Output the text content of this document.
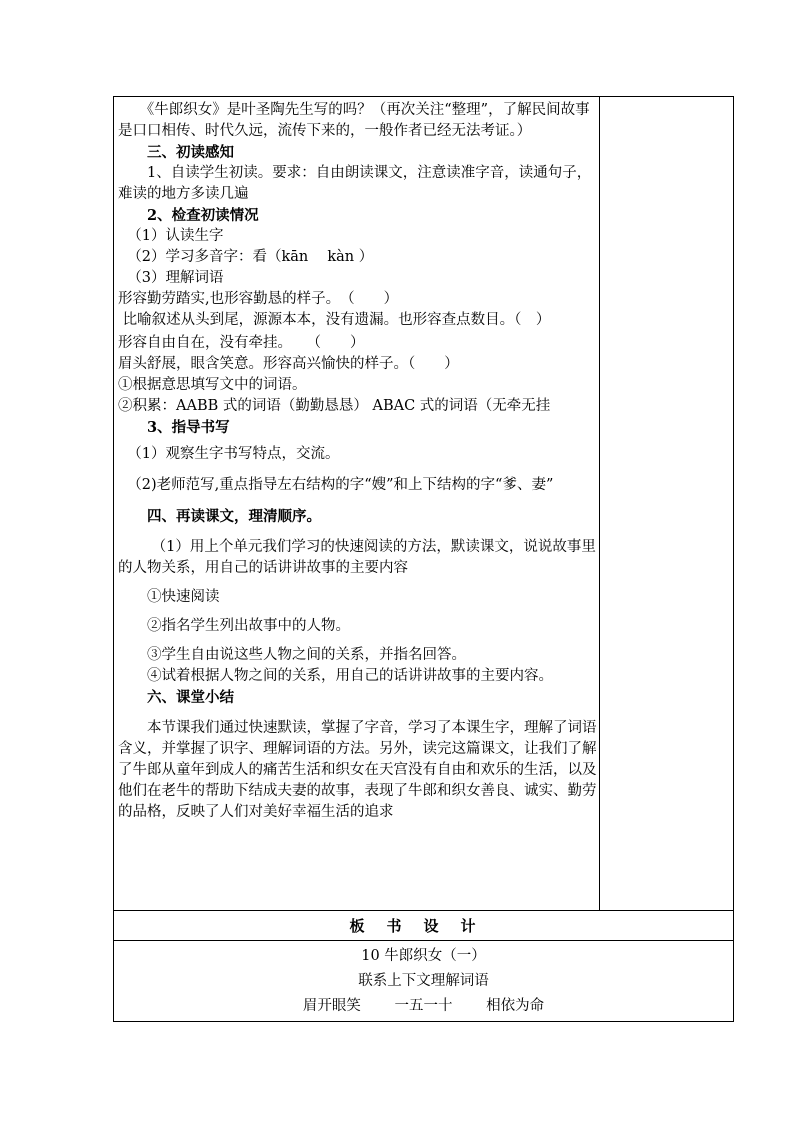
　　《牛郎织女》是叶圣陶先生写的吗？（再次关注“整理”，了解民间故事是口口相传、时代久远，流传下来的，一般作者已经无法考证。）

　　三、初读感知

　　1、自读学生初读。要求：自由朗读课文，注意读准字音，读通句子，难读的地方多读几遍

　　2、检查初读情况

（1）认读生字

（2）学习多音字：看（kān　 kàn ）

（3）理解词语

形容勤劳踏实,也形容勤恳的样子。　（　　）

比喻叙述从头到尾，源源本本，没有遗漏。也形容查点数目。（　）

形容自由自在，没有牵挂。　　（　　）

眉头舒展，眼含笑意。形容高兴愉快的样子。（　　）

①根据意思填写文中的词语。

②积累：AABB 式的词语（勤勤恳恳） ABAC 式的词语（无牵无挂

　　3、指导书写

（1）观察生字书写特点，交流。

（2)老师范写,重点指导左右结构的字“嫂”和上下结构的字“爹、妻”

　　四、再读课文，理清顺序。

　　 （1）用上个单元我们学习的快速阅读的方法，默读课文，说说故事里的人物关系，用自己的话讲讲故事的主要内容

　　①快速阅读

　　②指名学生列出故事中的人物。

　　③学生自由说这些人物之间的关系，并指名回答。

　　④试着根据人物之间的关系，用自己的话讲讲故事的主要内容。

　　六、课堂小结

　　本节课我们通过快速默读，掌握了字音，学习了本课生字，理解了词语含义，并掌握了识字、理解词语的方法。另外，读完这篇课文，让我们了解了牛郎从童年到成人的痛苦生活和织女在天宫没有自由和欢乐的生活，以及他们在老牛的帮助下结成夫妻的故事，表现了牛郎和织女善良、诚实、勤劳的品格，反映了人们对美好幸福生活的追求

板书设计
10 牛郎织女（一）
联系上下文理解词语
眉开眼笑　　 一五一十　　 相依为命
